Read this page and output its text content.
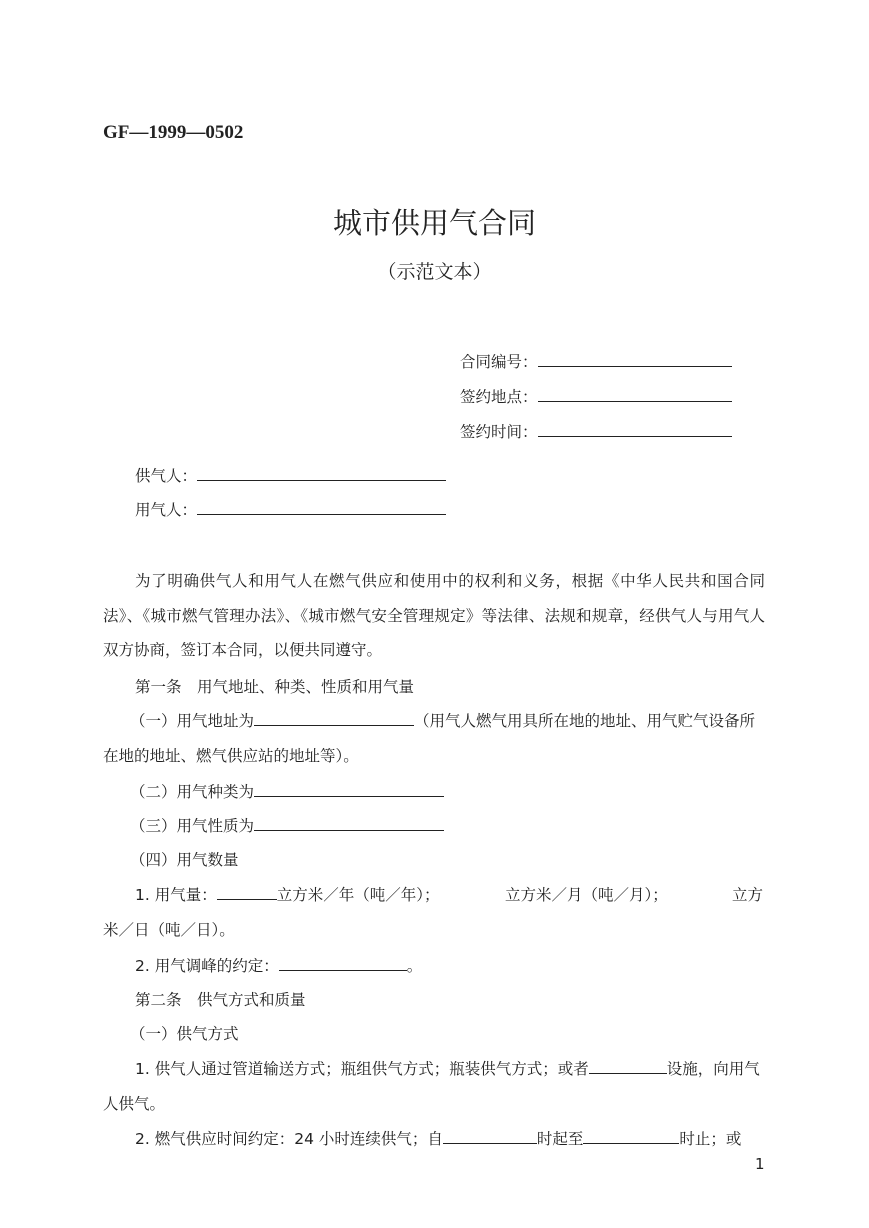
GF—1999—0502
城市供用气合同
（示范文本）
合同编号：
签约地点：
签约时间：
供气人：
用气人：

为了明确供气人和用气人在燃气供应和使用中的权利和义务，根据《中华人民共和国合同法》、《城市燃气管理办法》、《城市燃气安全管理规定》等法律、法规和规章，经供气人与用气人双方协商，签订本合同，以便共同遵守。

第一条　用气地址、种类、性质和用气量
（一）用气地址为	（用气人燃气用具所在地的地址、用气贮气设备所
在地的地址、燃气供应站的地址等）。
（二）用气种类为
（三）用气性质为
（四）用气数量
1. 用气量：	立方米／年（吨／年）；	立方米／月（吨／月）；	立方
米／日（吨／日）。
2. 用气调峰的约定：	。
第二条　供气方式和质量
（一）供气方式
1. 供气人通过管道输送方式；瓶组供气方式；瓶装供气方式；或者	设施，向用气
人供气。
2. 燃气供应时间约定：24 小时连续供气；自	时起至	时止；或
1
